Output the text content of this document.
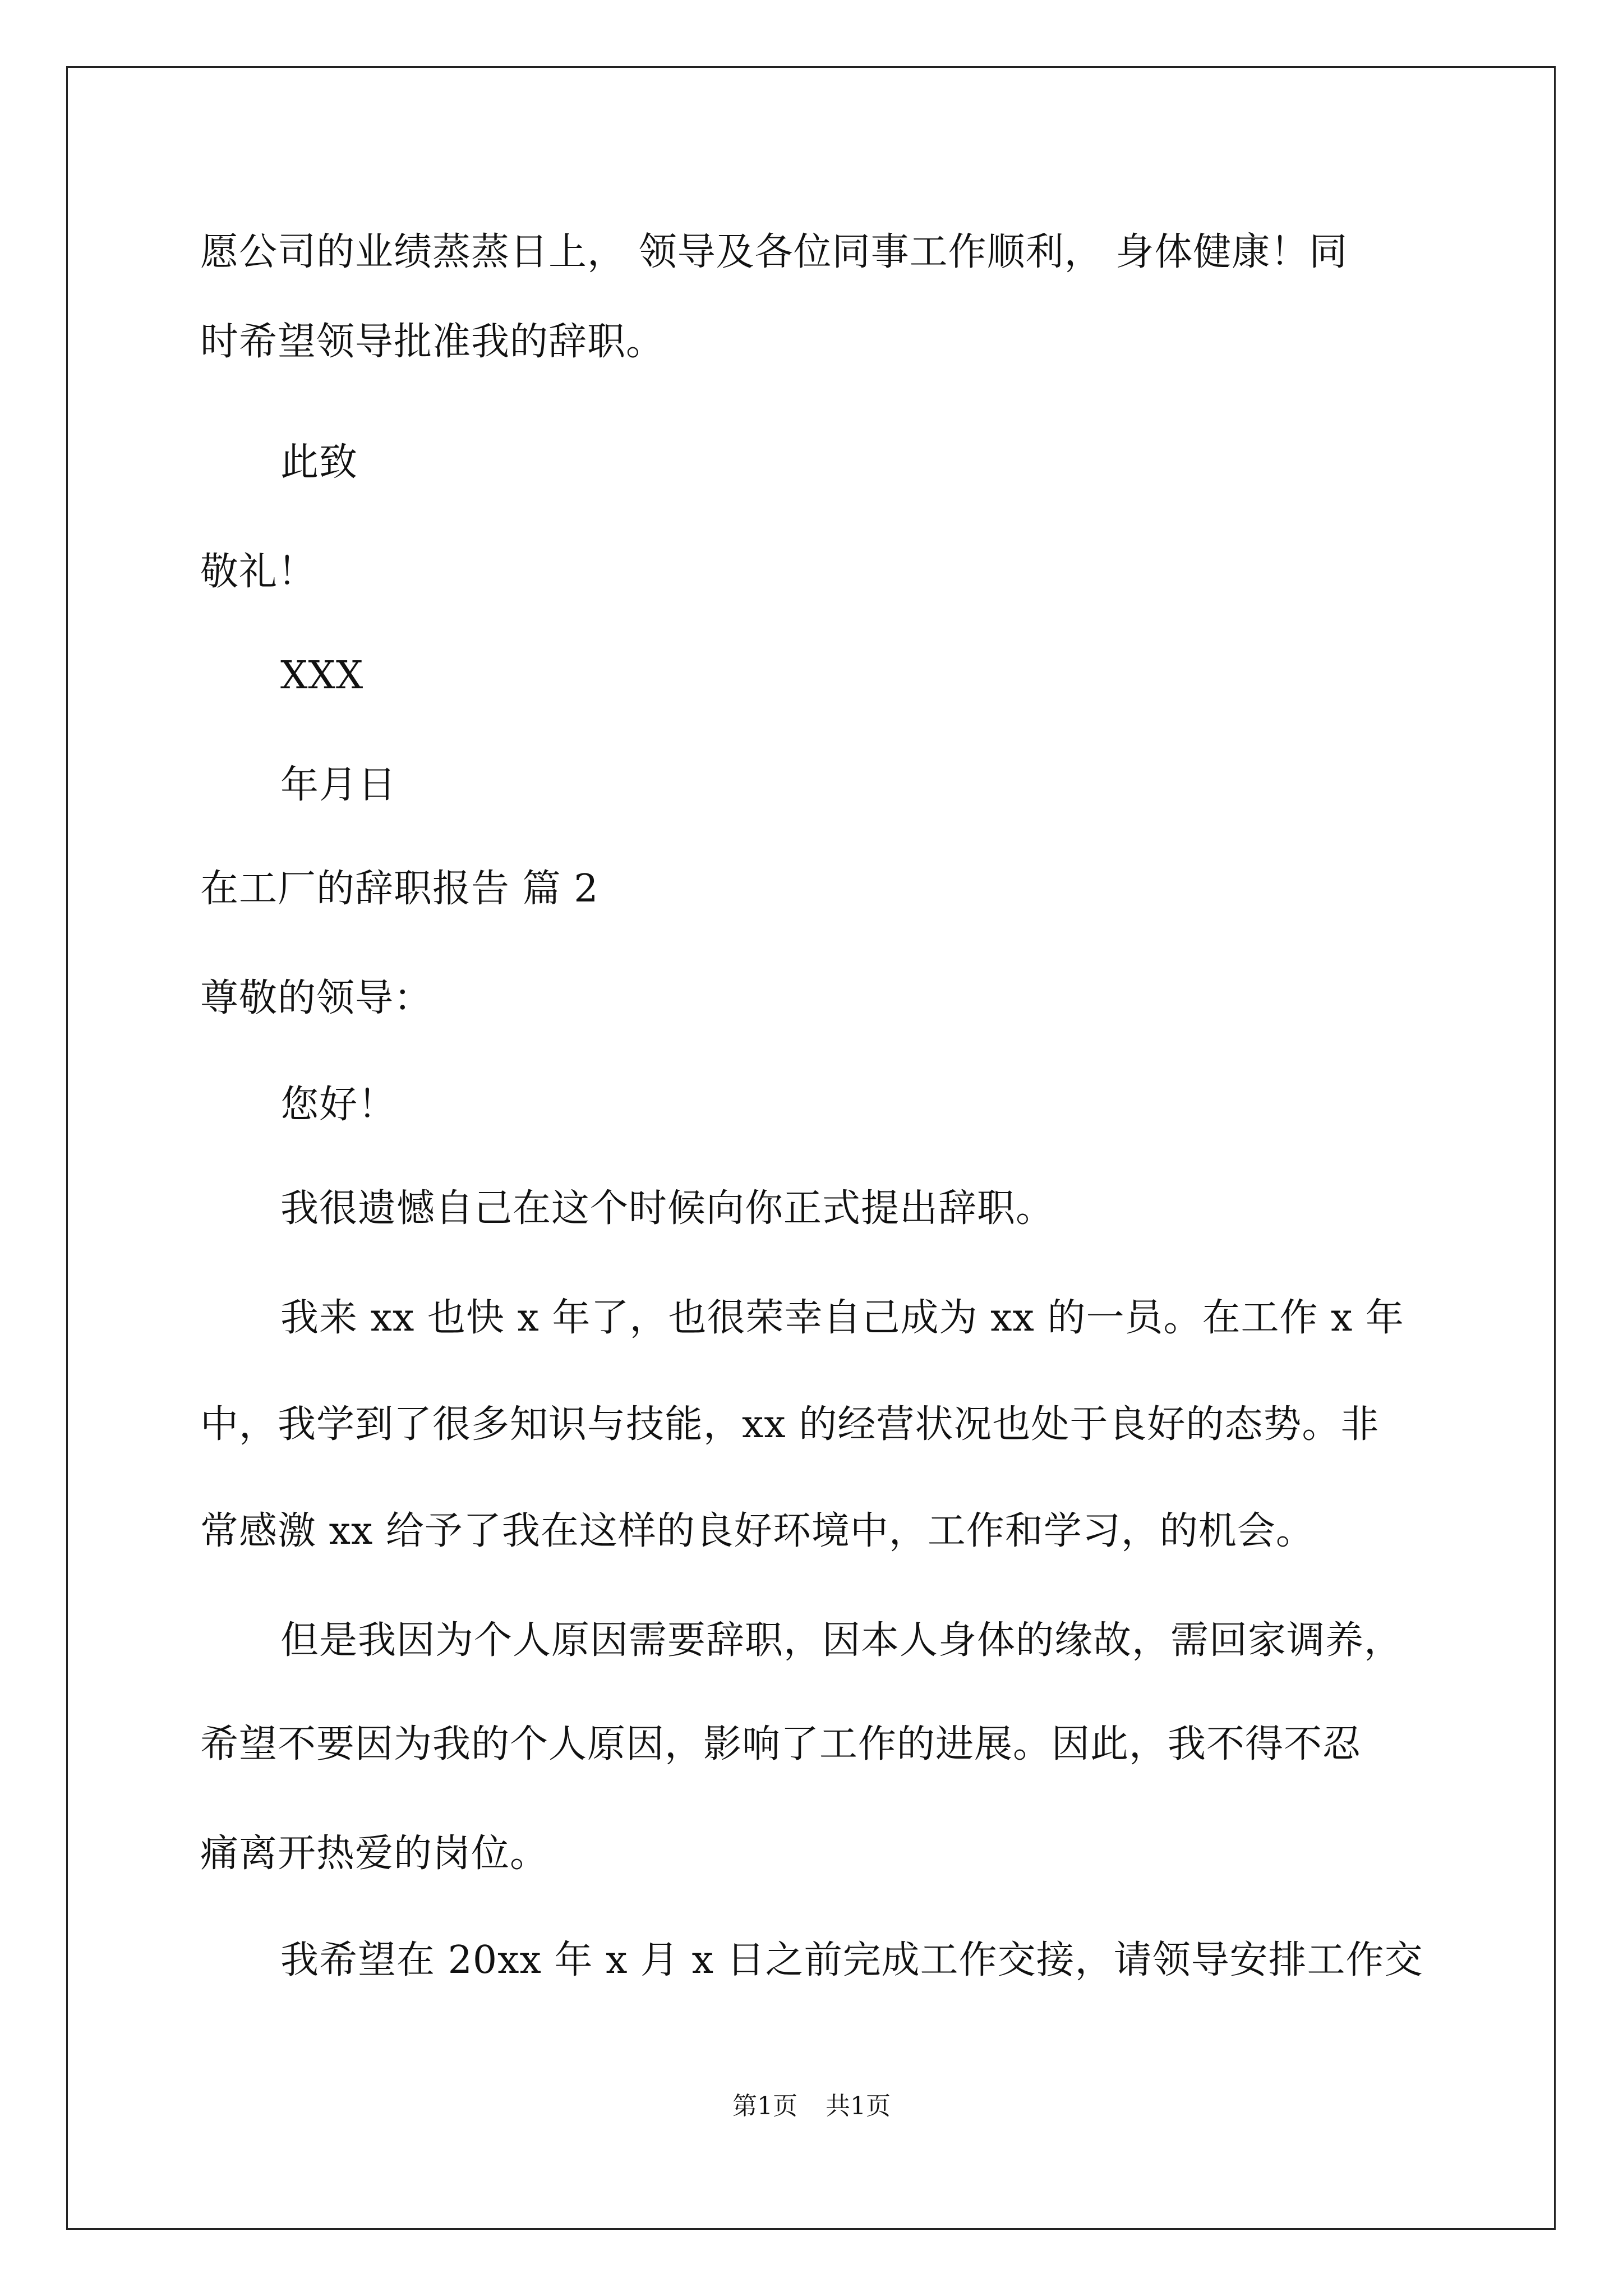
愿公司的业绩蒸蒸日上， 领导及各位同事工作顺利， 身体健康！同
时希望领导批准我的辞职。
此致
敬礼！
XXX
年月日
在工厂的辞职报告 篇 2
尊敬的领导：
您好！
我很遗憾自己在这个时候向你正式提出辞职。
我来 xx 也快 x 年了，也很荣幸自己成为 xx 的一员。在工作 x 年
中，我学到了很多知识与技能，xx 的经营状况也处于良好的态势。非
常感激 xx 给予了我在这样的良好环境中，工作和学习，的机会。
但是我因为个人原因需要辞职，因本人身体的缘故，需回家调养，
希望不要因为我的个人原因，影响了工作的进展。因此，我不得不忍
痛离开热爱的岗位。
我希望在 20xx 年 x 月 x 日之前完成工作交接，请领导安排工作交
第1页 共1页
